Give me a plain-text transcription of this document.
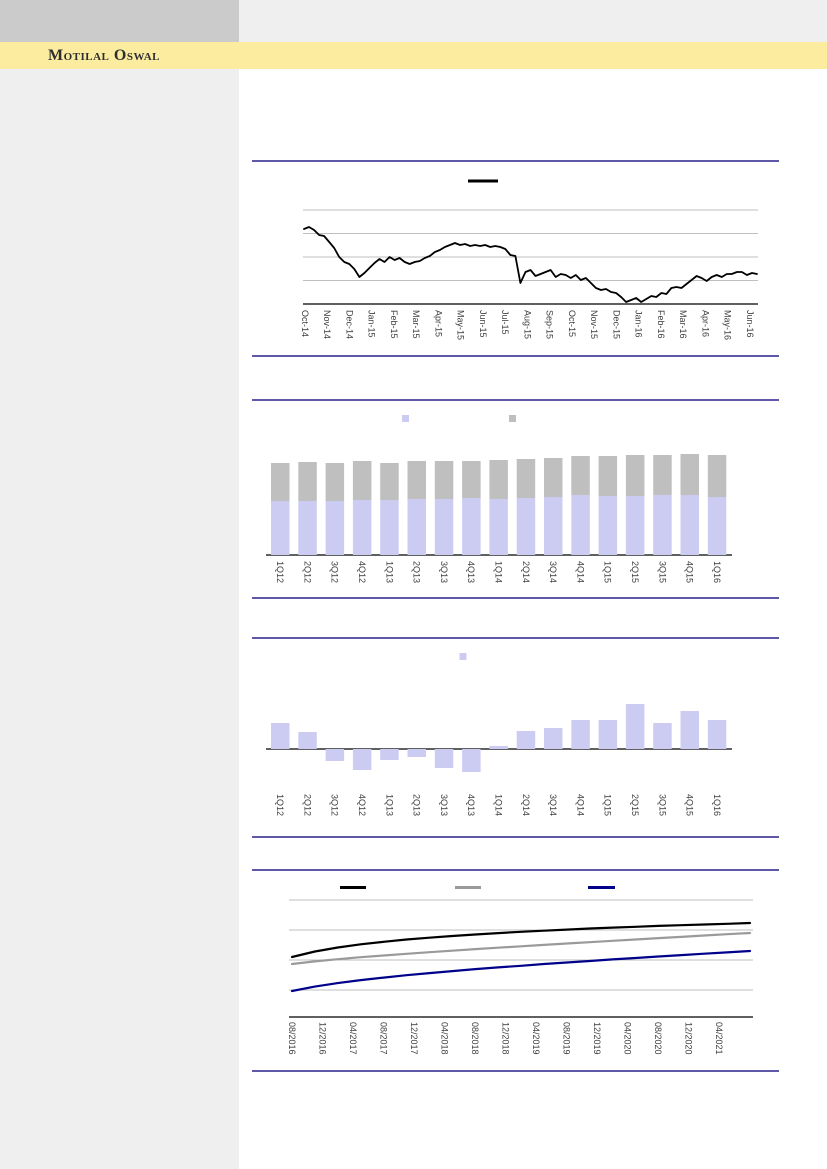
Motilal Oswal
Oct-14 Nov-14 Dec-14 Jan-15 Feb-15 Mar-15 Apr-15 May-15 Jun-15 Jul-15 Aug-15 Sep-15 Oct-15 Nov-15 Dec-15 Jan-16 Feb-16 Mar-16 Apr-16 May-16 Jun-16
1Q12 2Q12 3Q12 4Q12 1Q13 2Q13 3Q13 4Q13 1Q14 2Q14 3Q14 4Q14 1Q15 2Q15 3Q15 4Q15 1Q16
1Q12 2Q12 3Q12 4Q12 1Q13 2Q13 3Q13 4Q13 1Q14 2Q14 3Q14 4Q14 1Q15 2Q15 3Q15 4Q15 1Q16
08/2016 12/2016 04/2017 08/2017 12/2017 04/2018 08/2018 12/2018 04/2019 08/2019 12/2019 04/2020 08/2020 12/2020 04/2021
